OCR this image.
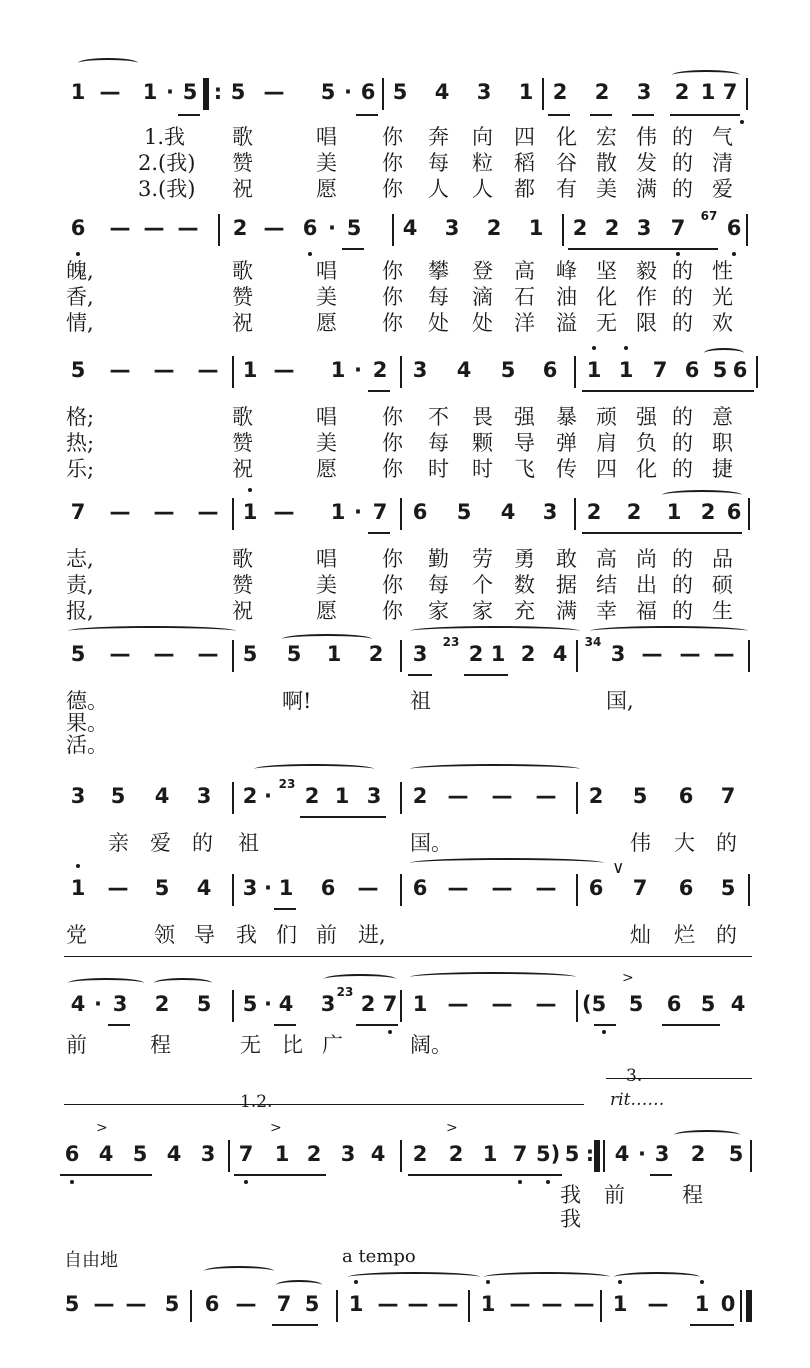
1 — 1 · 5 : 5 — 5 · 6 5 4 3 1 2 2 3 2 1 7
1.我 歌	唱 你 奔 向 四 化 宏 伟 的 气
2.(我) 赞	美 你 每 粒 稻 谷 散 发 的 清
3.(我) 祝	愿 你 人 人 都 有 美 满 的 爱
6 — — — 2 — 6 · 5 4 3 2 1 2 2 3 7	67 6
魄,	歌	唱 你 攀 登 高 峰 坚 毅 的 性
香,	赞	美 你 每 滴 石 油 化 作 的 光
情,	祝	愿 你 处 处 洋 溢 无 限 的 欢
5 — — — 1 — 1 · 2 3 4 5 6 1 1 7 6 5 6
格;	歌	唱 你 不 畏 强 暴 顽 强 的 意
热;	赞	美 你 每 颗 导 弹 肩 负 的 职
乐;	祝	愿 你 时 时 飞 传 四 化 的 捷
7 — — — 1 — 1 · 7 6 5 4 3 2 2 1 2 6
志,	歌	唱 你 勤 劳 勇 敢 高 尚 的 品
责,	赞	美 你 每 个 数 据 结 出 的 硕
报,	祝	愿 你 家 家 充 满 幸 福 的 生
5 — — — 5 5 1 2 3	23 2 1 2 4	34 3 — — —
德。	啊!	祖	国,
果。
活。
3 5 4 3 2 · 23 2 1 3 2 — — — 2 5 6 7
亲 爱 的 祖	国。	伟 大 的
∨
1 — 5 4 3 · 1 6 — 6 — — — 6 7 6 5
党	领 导 我 们 前 进,	灿 烂 的
>
4 · 3 2 5 5 · 4 3 23 2 7 1 — — — (5 5 6 5 4
前	程	无 比 广	阔。
1.2.
3.
rit……
>	>	>
6 4 5 4 3 7 1 2 3 4 2 2 1 7 5) 5 : 4 · 3 2 5
我 前	程
我
自由地	a tempo
5 — — 5 6 — 7 5 1 — — — 1 — — — 1 — 1 0
